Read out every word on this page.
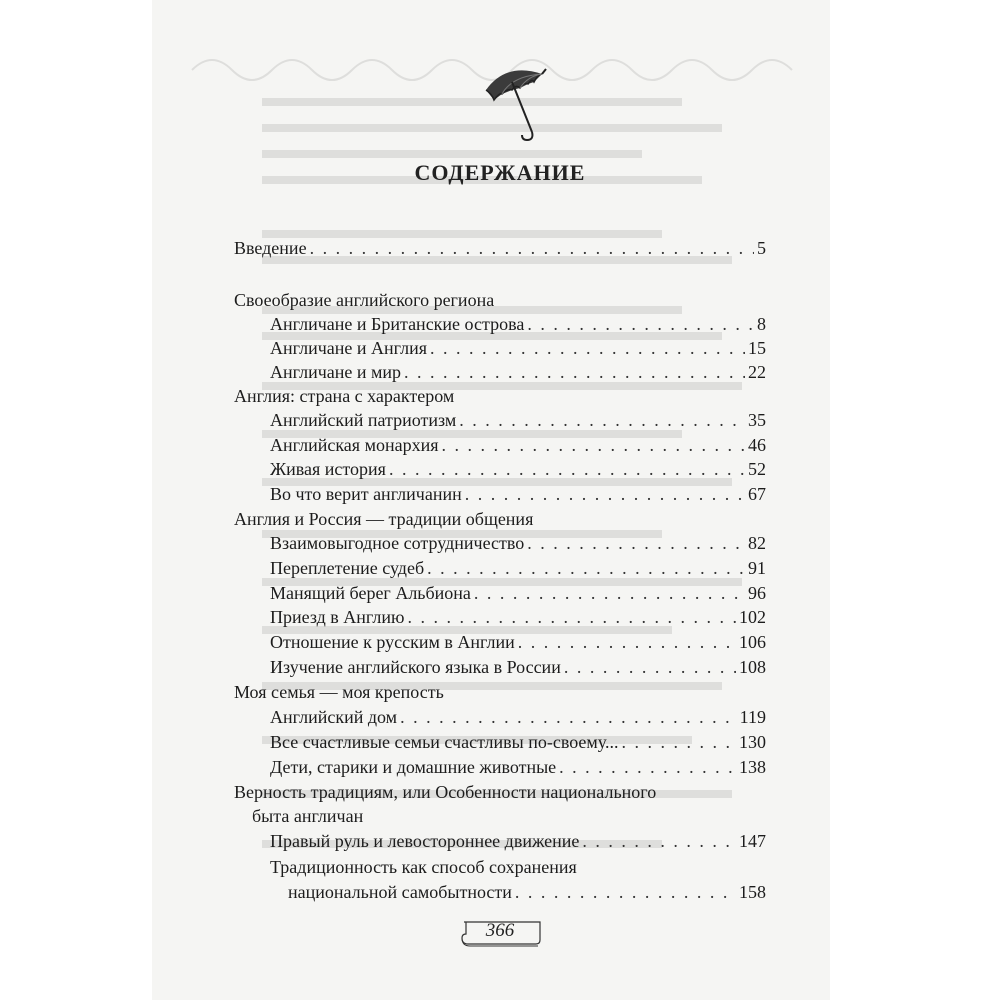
СОДЕРЖАНИЕ
Введение . . .	5
Своеобразие английского региона
Англичане и Британские острова . . .	8
Англичане и Англия . . .	15
Англичане и мир . . .	22
Англия: страна с характером
Английский патриотизм . . .	35
Английская монархия . . .	46
Живая история . . .	52
Во что верит англичанин . . .	67
Англия и Россия — традиции общения
Взаимовыгодное сотрудничество . . .	82
Переплетение судеб . . .	91
Манящий берег Альбиона . . .	96
Приезд в Англию . . .	102
Отношение к русским в Англии . . .	106
Изучение английского языка в России . . .	108
Моя семья — моя крепость
Английский дом . . .	119
Все счастливые семьи счастливы по-своему... . . .	130
Дети, старики и домашние животные . . .	138
Верность традициям, или Особенности национального
быта англичан
Правый руль и левостороннее движение . . .	147
Традиционность как способ сохранения
национальной самобытности . . .	158
366
